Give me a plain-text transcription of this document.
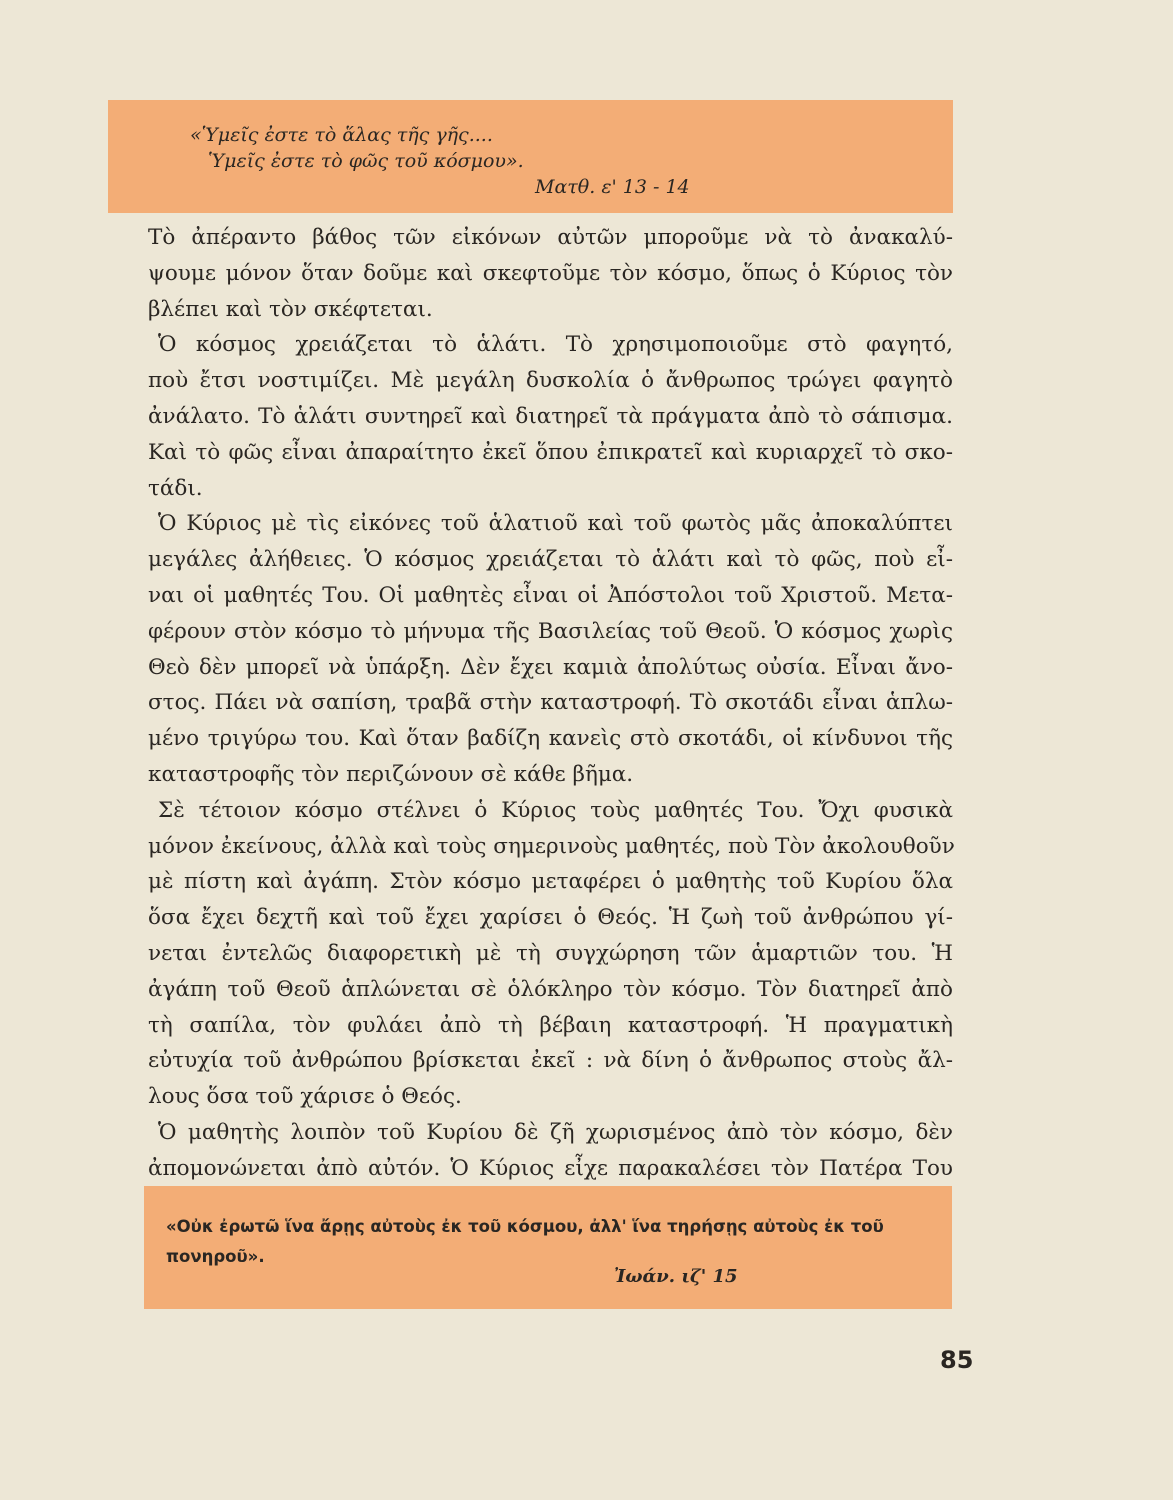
«Ὑμεῖς ἐστε τὸ ἅλας τῆς γῆς....
Ὑμεῖς ἐστε τὸ φῶς τοῦ κόσμου».
Ματθ. ε' 13 - 14
Τὸ ἀπέραντο βάθος τῶν εἰκόνων αὐτῶν μποροῦμε νὰ τὸ ἀνακαλύ-
ψουμε μόνον ὅταν δοῦμε καὶ σκεφτοῦμε τὸν κόσμο, ὅπως ὁ Κύριος τὸν
βλέπει καὶ τὸν σκέφτεται.
Ὁ κόσμος χρειάζεται τὸ ἁλάτι. Τὸ χρησιμοποιοῦμε στὸ φαγητό,
ποὺ ἔτσι νοστιμίζει. Μὲ μεγάλη δυσκολία ὁ ἄνθρωπος τρώγει φαγητὸ
ἀνάλατο. Τὸ ἁλάτι συντηρεῖ καὶ διατηρεῖ τὰ πράγματα ἀπὸ τὸ σάπισμα.
Καὶ τὸ φῶς εἶναι ἀπαραίτητο ἐκεῖ ὅπου ἐπικρατεῖ καὶ κυριαρχεῖ τὸ σκο-
τάδι.
Ὁ Κύριος μὲ τὶς εἰκόνες τοῦ ἁλατιοῦ καὶ τοῦ φωτὸς μᾶς ἀποκαλύπτει
μεγάλες ἀλήθειες. Ὁ κόσμος χρειάζεται τὸ ἁλάτι καὶ τὸ φῶς, ποὺ εἶ-
ναι οἱ μαθητές Του. Οἱ μαθητὲς εἶναι οἱ Ἀπόστολοι τοῦ Χριστοῦ. Μετα-
φέρουν στὸν κόσμο τὸ μήνυμα τῆς Βασιλείας τοῦ Θεοῦ. Ὁ κόσμος χωρὶς
Θεὸ δὲν μπορεῖ νὰ ὑπάρξη. Δὲν ἔχει καμιὰ ἀπολύτως οὐσία. Εἶναι ἄνο-
στος. Πάει νὰ σαπίση, τραβᾶ στὴν καταστροφή. Τὸ σκοτάδι εἶναι ἁπλω-
μένο τριγύρω του. Καὶ ὅταν βαδίζη κανεὶς στὸ σκοτάδι, οἱ κίνδυνοι τῆς
καταστροφῆς τὸν περιζώνουν σὲ κάθε βῆμα.
Σὲ τέτοιον κόσμο στέλνει ὁ Κύριος τοὺς μαθητές Του. Ὄχι φυσικὰ
μόνον ἐκείνους, ἀλλὰ καὶ τοὺς σημερινοὺς μαθητές, ποὺ Τὸν ἀκολουθοῦν
μὲ πίστη καὶ ἀγάπη. Στὸν κόσμο μεταφέρει ὁ μαθητὴς τοῦ Κυρίου ὅλα
ὅσα ἔχει δεχτῆ καὶ τοῦ ἔχει χαρίσει ὁ Θεός. Ἡ ζωὴ τοῦ ἀνθρώπου γί-
νεται ἐντελῶς διαφορετικὴ μὲ τὴ συγχώρηση τῶν ἁμαρτιῶν του. Ἡ
ἀγάπη τοῦ Θεοῦ ἁπλώνεται σὲ ὁλόκληρο τὸν κόσμο. Τὸν διατηρεῖ ἀπὸ
τὴ σαπίλα, τὸν φυλάει ἀπὸ τὴ βέβαιη καταστροφή. Ἡ πραγματικὴ
εὐτυχία τοῦ ἀνθρώπου βρίσκεται ἐκεῖ : νὰ δίνη ὁ ἄνθρωπος στοὺς ἄλ-
λους ὅσα τοῦ χάρισε ὁ Θεός.
Ὁ μαθητὴς λοιπὸν τοῦ Κυρίου δὲ ζῆ χωρισμένος ἀπὸ τὸν κόσμο, δὲν
ἀπομονώνεται ἀπὸ αὐτόν. Ὁ Κύριος εἶχε παρακαλέσει τὸν Πατέρα Του
«Οὐκ ἐρωτῶ ἵνα ἄρῃς αὐτοὺς ἐκ τοῦ κόσμου, ἀλλ' ἵνα τηρήσῃς αὐτοὺς ἐκ τοῦ πονηροῦ».
Ἰωάν. ιζ' 15
85
